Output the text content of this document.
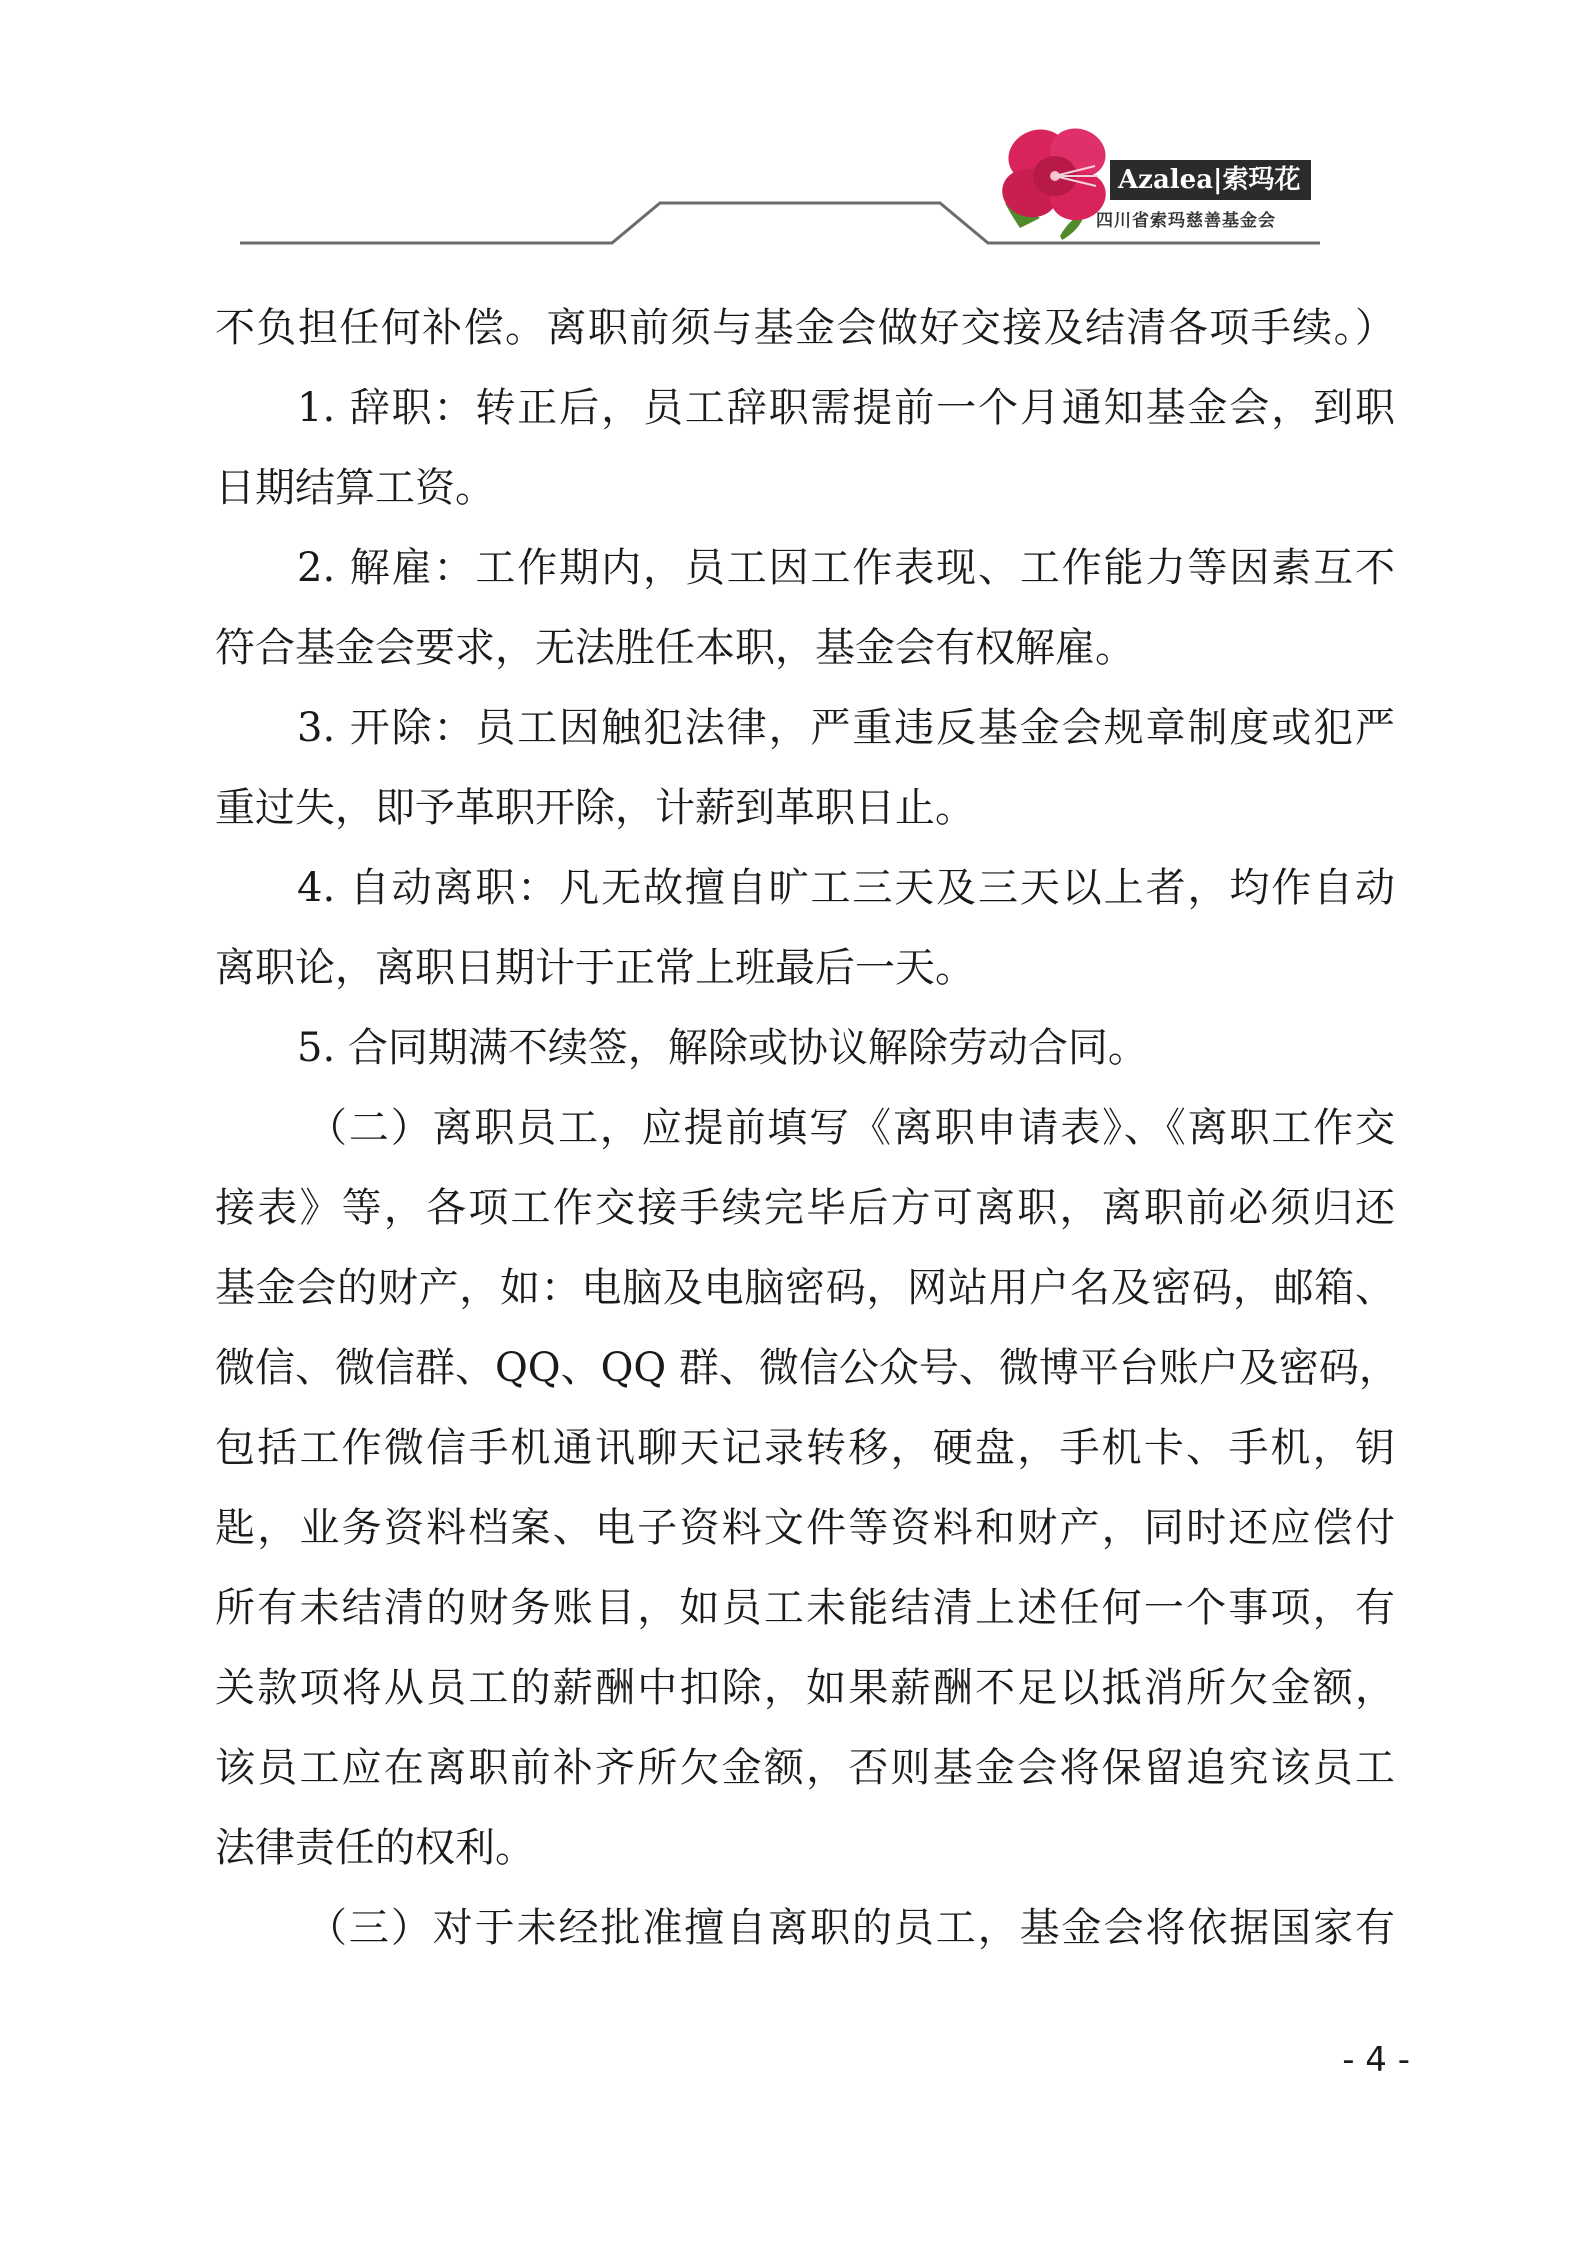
Azalea|索玛花
四川省索玛慈善基金会
不负担任何补偿。离职前须与基金会做好交接及结清各项手续。）
1. 辞职：转正后，员工辞职需提前一个月通知基金会，到职
日期结算工资。
2. 解雇：工作期内，员工因工作表现、工作能力等因素互不
符合基金会要求，无法胜任本职，基金会有权解雇。
3. 开除：员工因触犯法律，严重违反基金会规章制度或犯严
重过失，即予革职开除，计薪到革职日止。
4. 自动离职：凡无故擅自旷工三天及三天以上者，均作自动
离职论，离职日期计于正常上班最后一天。
5. 合同期满不续签，解除或协议解除劳动合同。
（二）离职员工，应提前填写《离职申请表》、《离职工作交
接表》等，各项工作交接手续完毕后方可离职，离职前必须归还
基金会的财产，如：电脑及电脑密码，网站用户名及密码，邮箱、
微信、微信群、QQ、QQ 群、微信公众号、微博平台账户及密码，
包括工作微信手机通讯聊天记录转移，硬盘，手机卡、手机，钥
匙，业务资料档案、电子资料文件等资料和财产，同时还应偿付
所有未结清的财务账目，如员工未能结清上述任何一个事项，有
关款项将从员工的薪酬中扣除，如果薪酬不足以抵消所欠金额，
该员工应在离职前补齐所欠金额，否则基金会将保留追究该员工
法律责任的权利。
（三）对于未经批准擅自离职的员工，基金会将依据国家有
- 4 -
